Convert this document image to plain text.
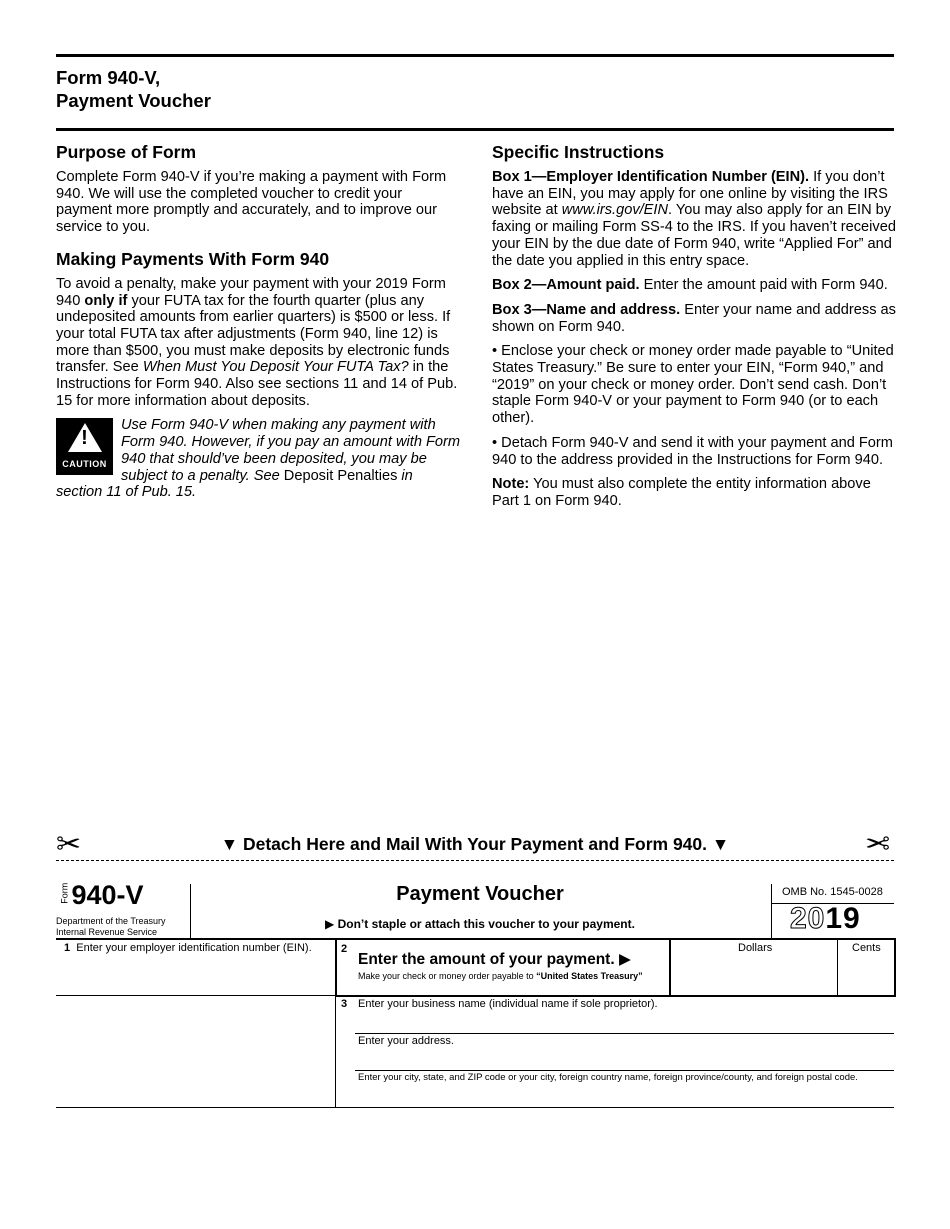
Form 940-V,
Payment Voucher
Purpose of Form

Complete Form 940-V if you’re making a payment with Form 940. We will use the completed voucher to credit your payment more promptly and accurately, and to improve our service to you.

Making Payments With Form 940

To avoid a penalty, make your payment with your 2019 Form 940 only if your FUTA tax for the fourth quarter (plus any undeposited amounts from earlier quarters) is $500 or less. If your total FUTA tax after adjustments (Form 940, line 12) is more than $500, you must make deposits by electronic funds transfer. See When Must You Deposit Your FUTA Tax? in the Instructions for Form 940. Also see sections 11 and 14 of Pub. 15 for more information about deposits.

!
CAUTION
Use Form 940-V when making any payment with Form 940. However, if you pay an amount with Form 940 that should’ve been deposited, you may be subject to a penalty. See Deposit Penalties in section 11 of Pub. 15.
Specific Instructions

Box 1—Employer Identification Number (EIN). If you don’t have an EIN, you may apply for one online by visiting the IRS website at www.irs.gov/EIN. You may also apply for an EIN by faxing or mailing Form SS-4 to the IRS. If you haven’t received your EIN by the due date of Form 940, write “Applied For” and the date you applied in this entry space.

Box 2—Amount paid. Enter the amount paid with Form 940.

Box 3—Name and address. Enter your name and address as shown on Form 940.

• Enclose your check or money order made payable to “United States Treasury.” Be sure to enter your EIN, “Form 940,” and “2019” on your check or money order. Don’t send cash. Don’t staple Form 940-V or your payment to Form 940 (or to each other).

• Detach Form 940-V and send it with your payment and Form 940 to the address provided in the Instructions for Form 940.

Note: You must also complete the entity information above Part 1 on Form 940.

✂	▼ Detach Here and Mail With Your Payment and Form 940. ▼	✂
Form 940-V
Department of the Treasury
Internal Revenue Service
Payment Voucher
▶ Don’t staple or attach this voucher to your payment.
OMB No. 1545-0028
2019
1 Enter your employer identification number (EIN).	2
Enter the amount of your payment. ▶
Make your check or money order payable to “United States Treasury”
Dollars	Cents
3 Enter your business name (individual name if sole proprietor).
Enter your address.
Enter your city, state, and ZIP code or your city, foreign country name, foreign province/county, and foreign postal code.
